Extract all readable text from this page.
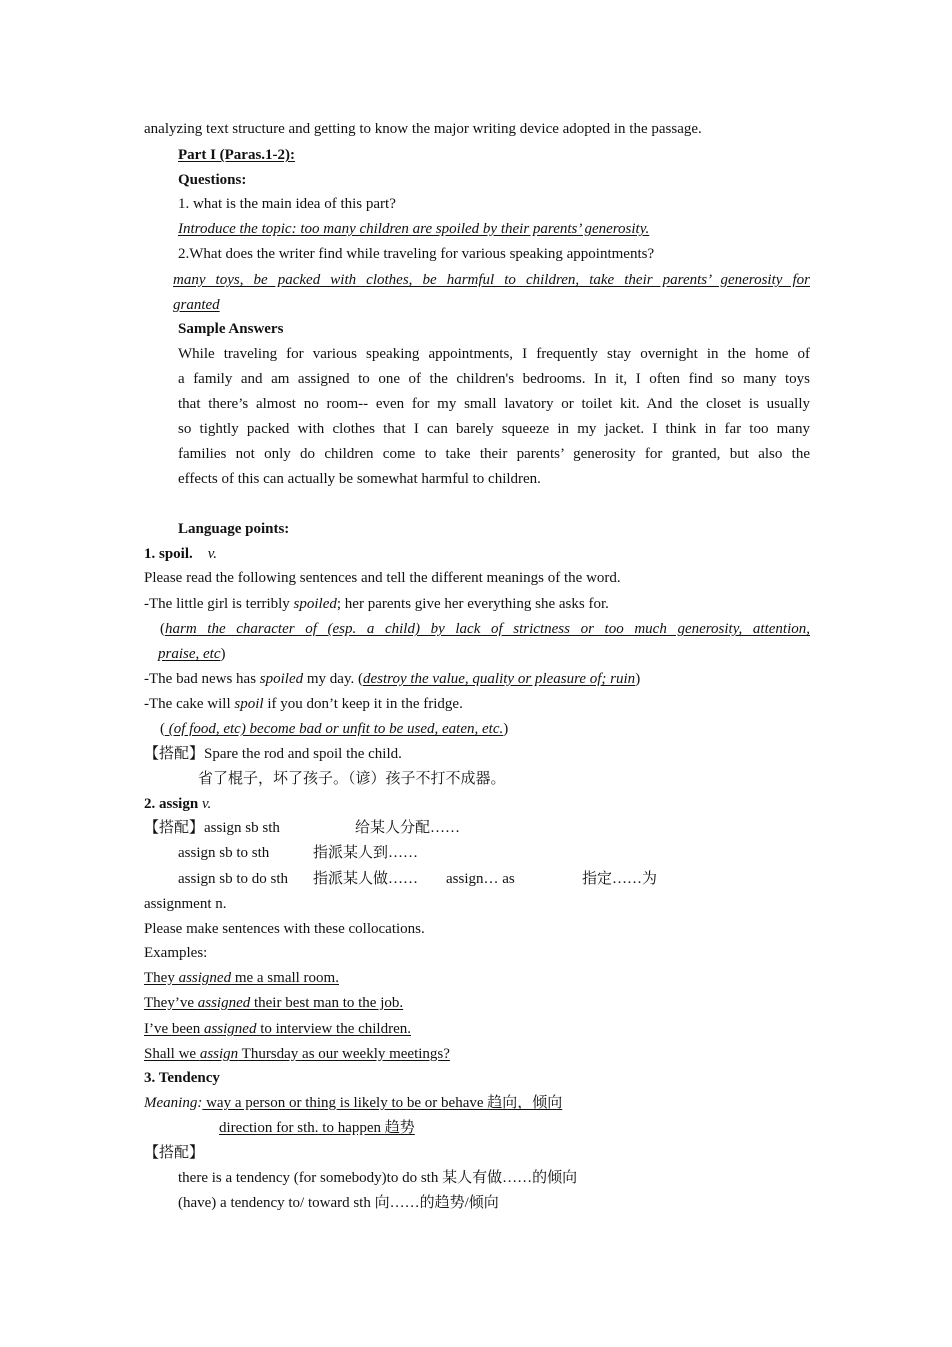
analyzing text structure and getting to know the major writing device adopted in the passage.
Part I (Paras.1-2):
Questions:
1. what is the main idea of this part?
Introduce the topic: too many children are spoiled by their parents’ generosity.
2.What does the writer find while traveling for various speaking appointments?
many toys, be packed with clothes, be harmful to children, take their parents’ generosity for
granted
Sample Answers
While traveling for various speaking appointments, I frequently stay overnight in the home of
a family and am assigned to one of the children's bedrooms. In it, I often find so many toys
that there’s almost no room-- even for my small lavatory or toilet kit. And the closet is usually
so tightly packed with clothes that I can barely squeeze in my jacket. I think in far too many
families not only do children come to take their parents’ generosity for granted, but also the
effects of this can actually be somewhat harmful to children.
Language points:
1. spoil. v.
Please read the following sentences and tell the different meanings of the word.
-The little girl is terribly spoiled; her parents give her everything she asks for.
(harm the character of (esp. a child) by lack of strictness or too much generosity, attention,
praise, etc)
-The bad news has spoiled my day. (destroy the value, quality or pleasure of; ruin)
-The cake will spoil if you don’t keep it in the fridge.
( (of food, etc) become bad or unfit to be used, eaten, etc.)
【搭配】Spare the rod and spoil the child.
省了棍子，坏了孩子。（谚）孩子不打不成器。
2. assign v.
【搭配】assign sb sth	给某人分配……
assign sb to sth	指派某人到……
assign sb to do sth 指派某人做…… assign… as	指定……为
assignment n.
Please make sentences with these collocations.
Examples:
They assigned me a small room.
They’ve assigned their best man to the job.
I’ve been assigned to interview the children.
Shall we assign Thursday as our weekly meetings?
3. Tendency
Meaning: way a person or thing is likely to be or behave 趋向，倾向
direction for sth. to happen 趋势
【搭配】
there is a tendency (for somebody)to do sth 某人有做……的倾向
(have) a tendency to/ toward sth 向……的趋势/倾向
